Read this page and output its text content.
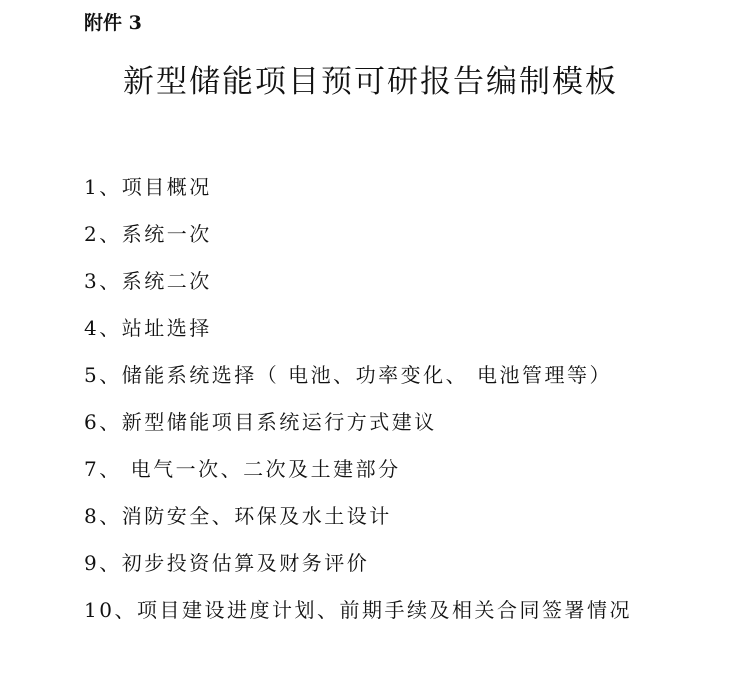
附件 3
新型储能项目预可研报告编制模板
1、项目概况
2、系统一次
3、系统二次
4、站址选择
5、储能系统选择（ 电池、功率变化、 电池管理等）
6、新型储能项目系统运行方式建议
7、 电气一次、二次及土建部分
8、消防安全、环保及水土设计
9、初步投资估算及财务评价
10、项目建设进度计划、前期手续及相关合同签署情况
